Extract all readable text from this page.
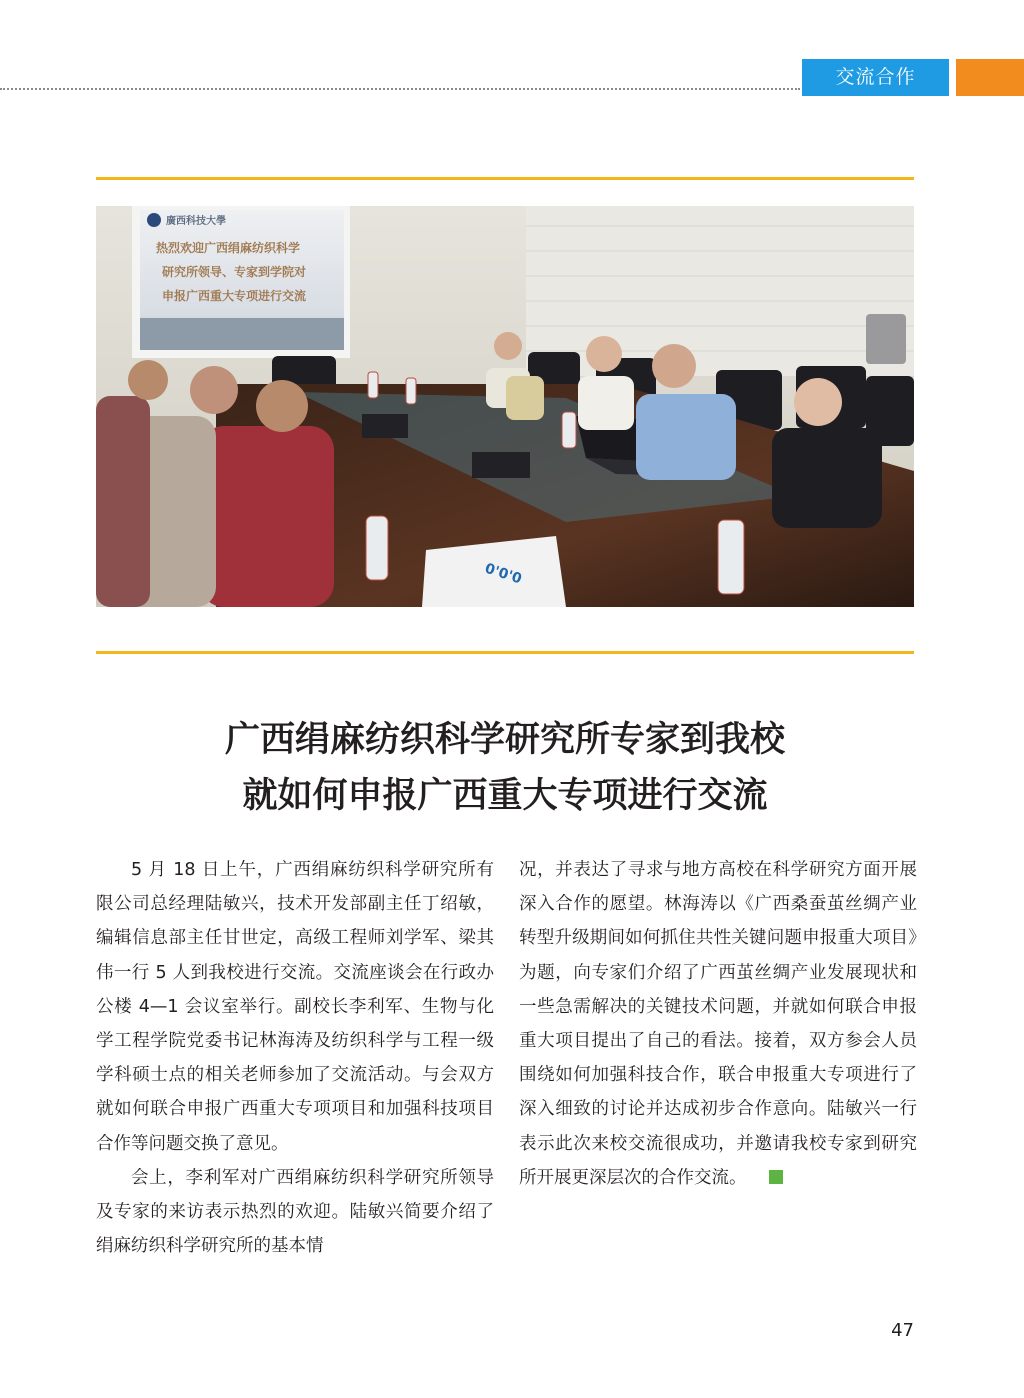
交流合作
廣西科技大學
热烈欢迎广西绢麻纺织科学
研究所领导、专家到学院对
申报广西重大专项进行交流
0'0'0
广西绢麻纺织科学研究所专家到我校
就如何申报广西重大专项进行交流

5 月 18 日上午，广西绢麻纺织科学研究所有限公司总经理陆敏兴，技术开发部副主任丁绍敏，编辑信息部主任甘世定，高级工程师刘学军、梁其伟一行 5 人到我校进行交流。交流座谈会在行政办公楼 4—1 会议室举行。副校长李利军、生物与化学工程学院党委书记林海涛及纺织科学与工程一级学科硕士点的相关老师参加了交流活动。与会双方就如何联合申报广西重大专项项目和加强科技项目合作等问题交换了意见。

会上，李利军对广西绢麻纺织科学研究所领导及专家的来访表示热烈的欢迎。陆敏兴简要介绍了绢麻纺织科学研究所的基本情

况，并表达了寻求与地方高校在科学研究方面开展深入合作的愿望。林海涛以《广西桑蚕茧丝绸产业转型升级期间如何抓住共性关键问题申报重大项目》为题，向专家们介绍了广西茧丝绸产业发展现状和一些急需解决的关键技术问题，并就如何联合申报重大项目提出了自己的看法。接着，双方参会人员围绕如何加强科技合作，联合申报重大专项进行了深入细致的讨论并达成初步合作意向。陆敏兴一行表示此次来校交流很成功，并邀请我校专家到研究所开展更深层次的合作交流。

47
